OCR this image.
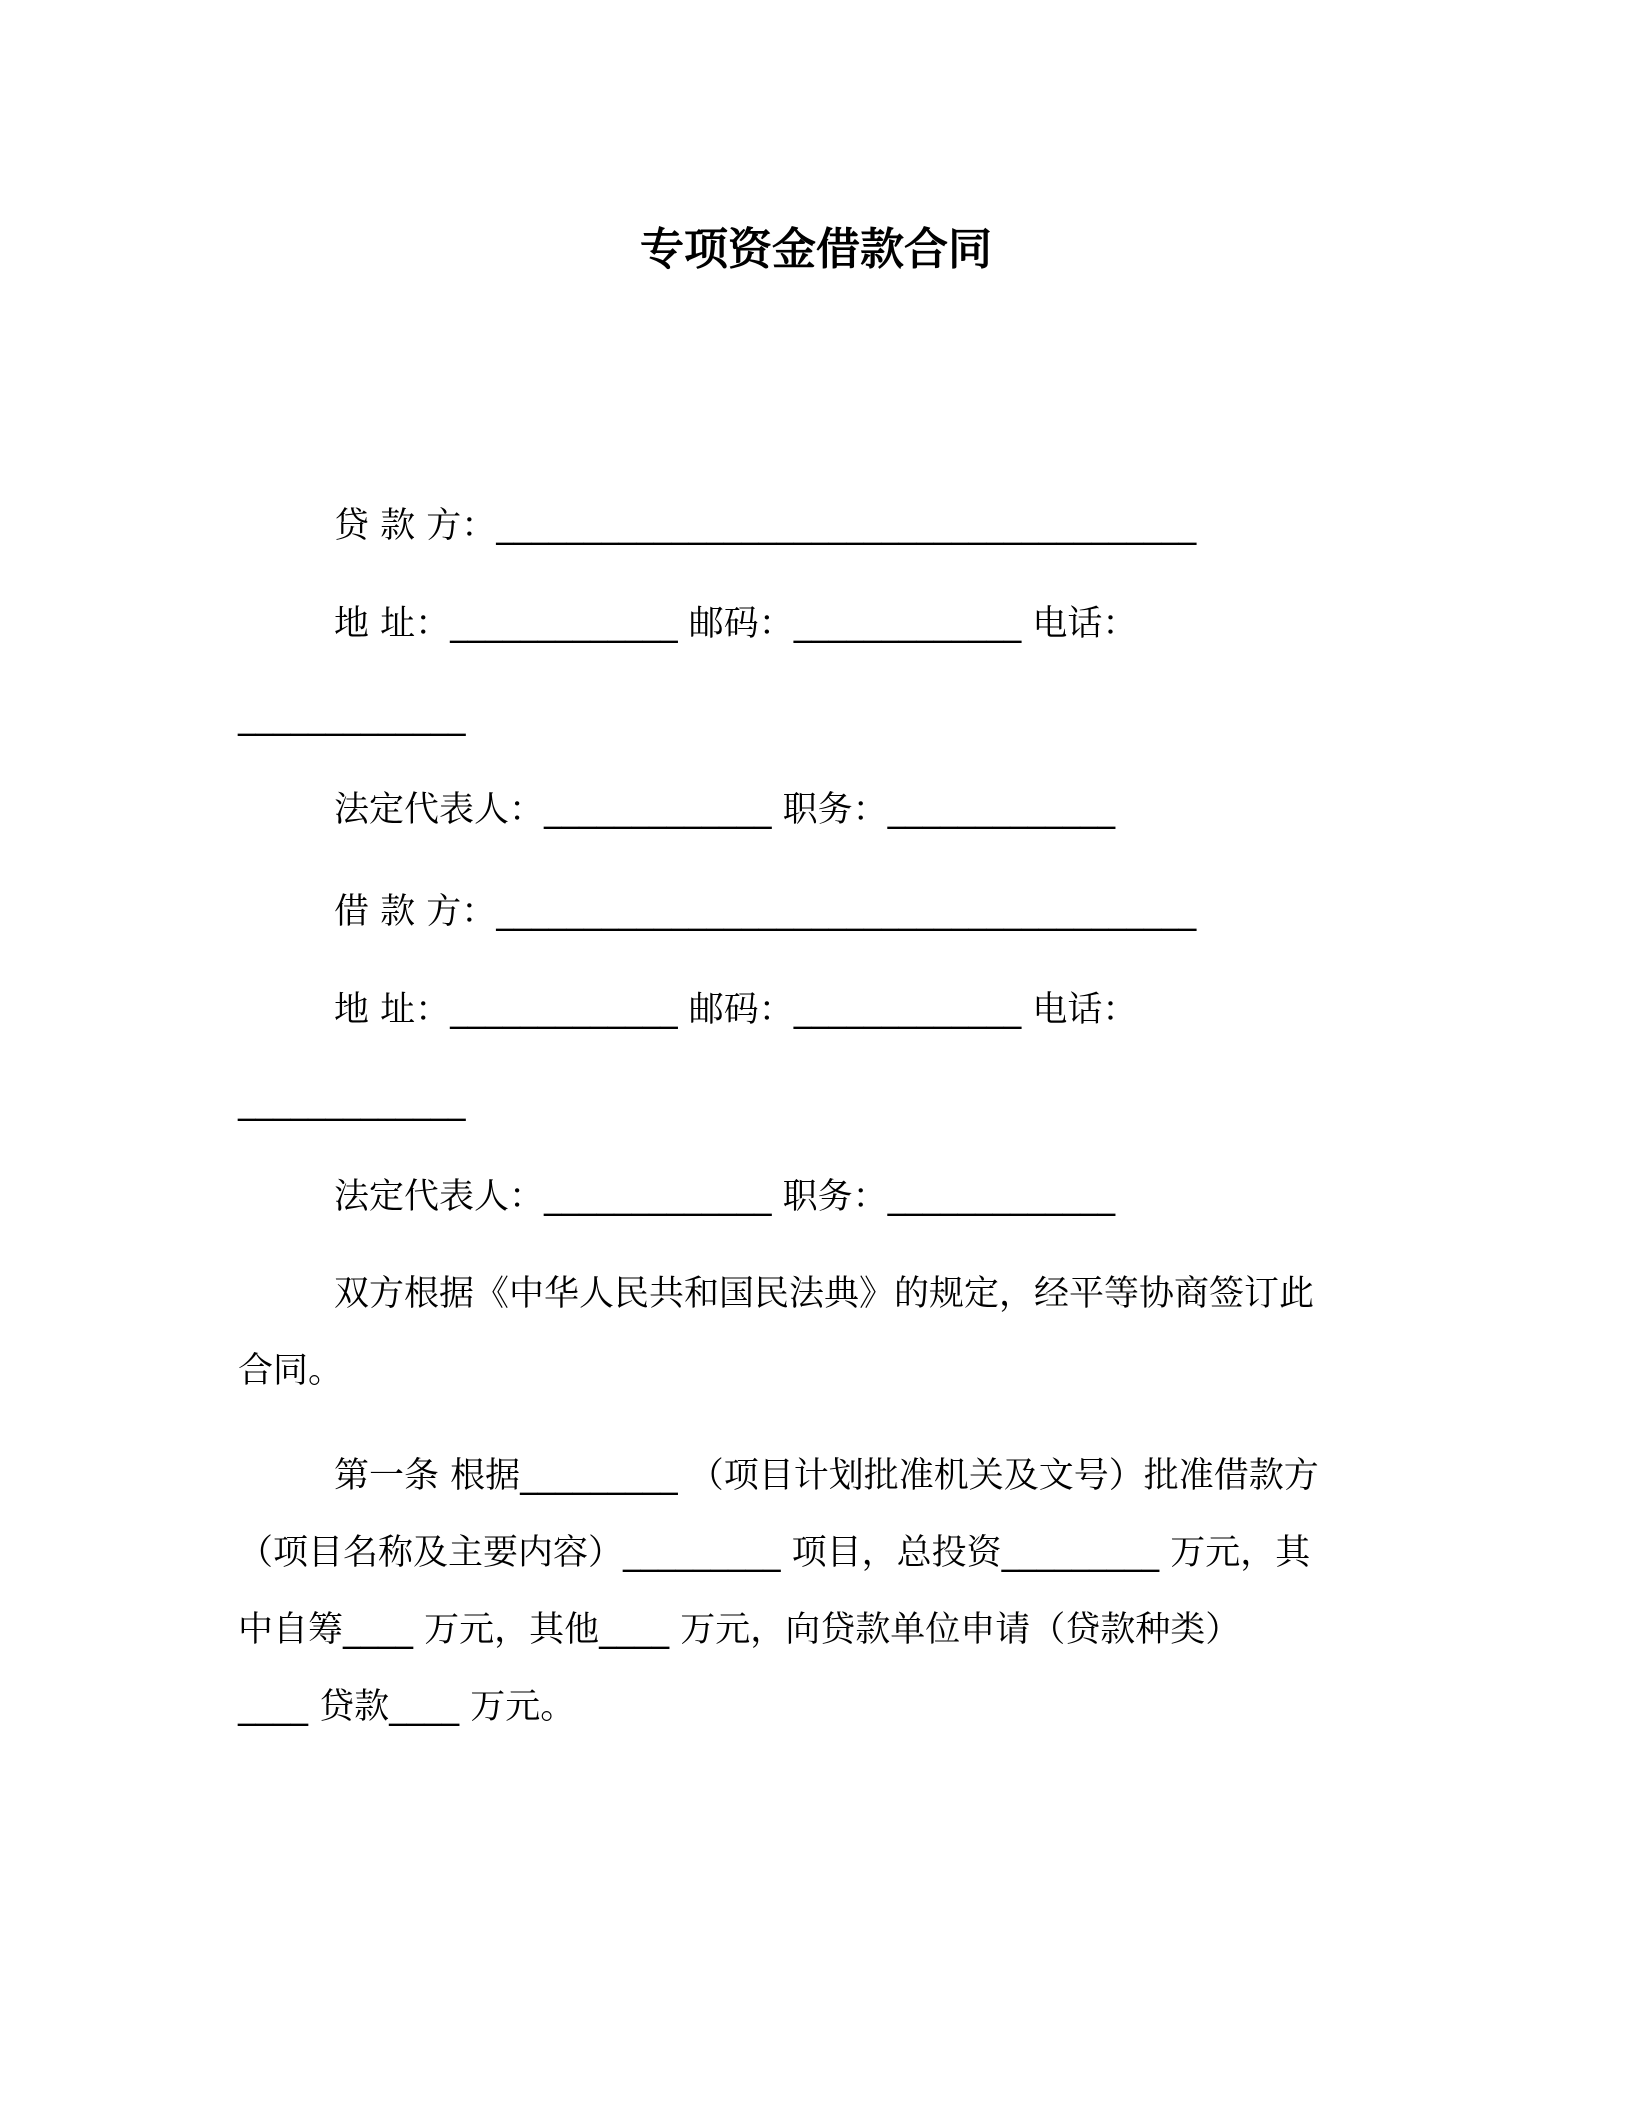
专项资金借款合同
贷 款 方：________________________________________
地 址：_____________ 邮码：_____________ 电话：
_____________
法定代表人：_____________ 职务：_____________
借 款 方：________________________________________
地 址：_____________ 邮码：_____________ 电话：
_____________
法定代表人：_____________ 职务：_____________
双方根据《中华人民共和国民法典》的规定，经平等协商签订此
合同。
第一条 根据_________ （项目计划批准机关及文号）批准借款方
（项目名称及主要内容）_________ 项目，总投资_________ 万元，其
中自筹____ 万元，其他____ 万元，向贷款单位申请（贷款种类）
____ 贷款____ 万元。
